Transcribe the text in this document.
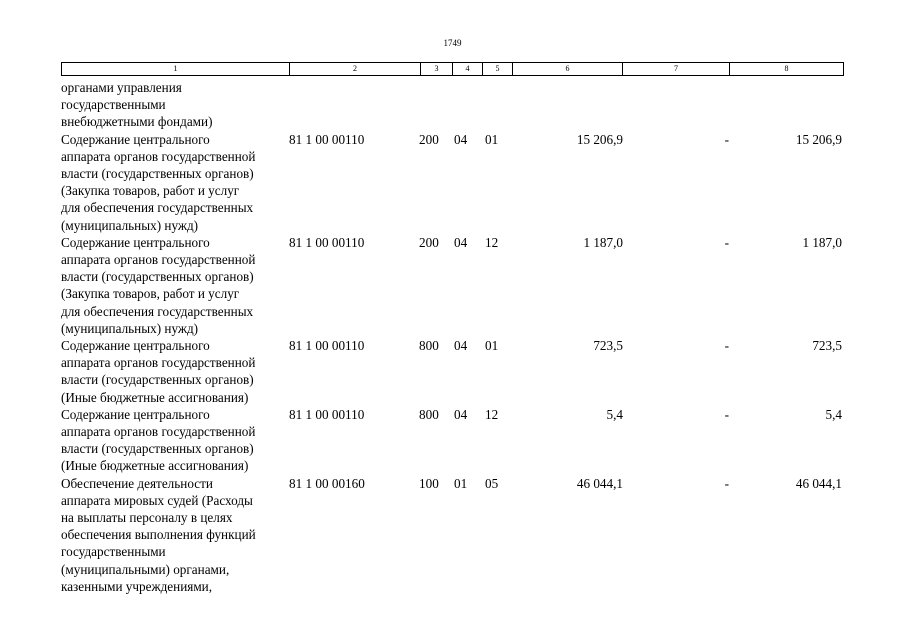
1749
1	2	3	4	5	6	7	8
органами управления
государственными
внебюджетными фондами)
Содержание центрального
аппарата органов государственной
власти (государственных органов)
(Закупка товаров, работ и услуг
для обеспечения государственных
(муниципальных) нужд)
81 1 00 00110	200 04 01	15 206,9	-	15 206,9
Содержание центрального
аппарата органов государственной
власти (государственных органов)
(Закупка товаров, работ и услуг
для обеспечения государственных
(муниципальных) нужд)
81 1 00 00110	200 04 12	1 187,0	-	1 187,0
Содержание центрального
аппарата органов государственной
власти (государственных органов)
(Иные бюджетные ассигнования)
81 1 00 00110	800 04 01	723,5	-	723,5
Содержание центрального
аппарата органов государственной
власти (государственных органов)
(Иные бюджетные ассигнования)
81 1 00 00110	800 04 12	5,4	-	5,4
Обеспечение деятельности
аппарата мировых судей (Расходы
на выплаты персоналу в целях
обеспечения выполнения функций
государственными
(муниципальными) органами,
казенными учреждениями,
81 1 00 00160	100 01 05	46 044,1	-	46 044,1
